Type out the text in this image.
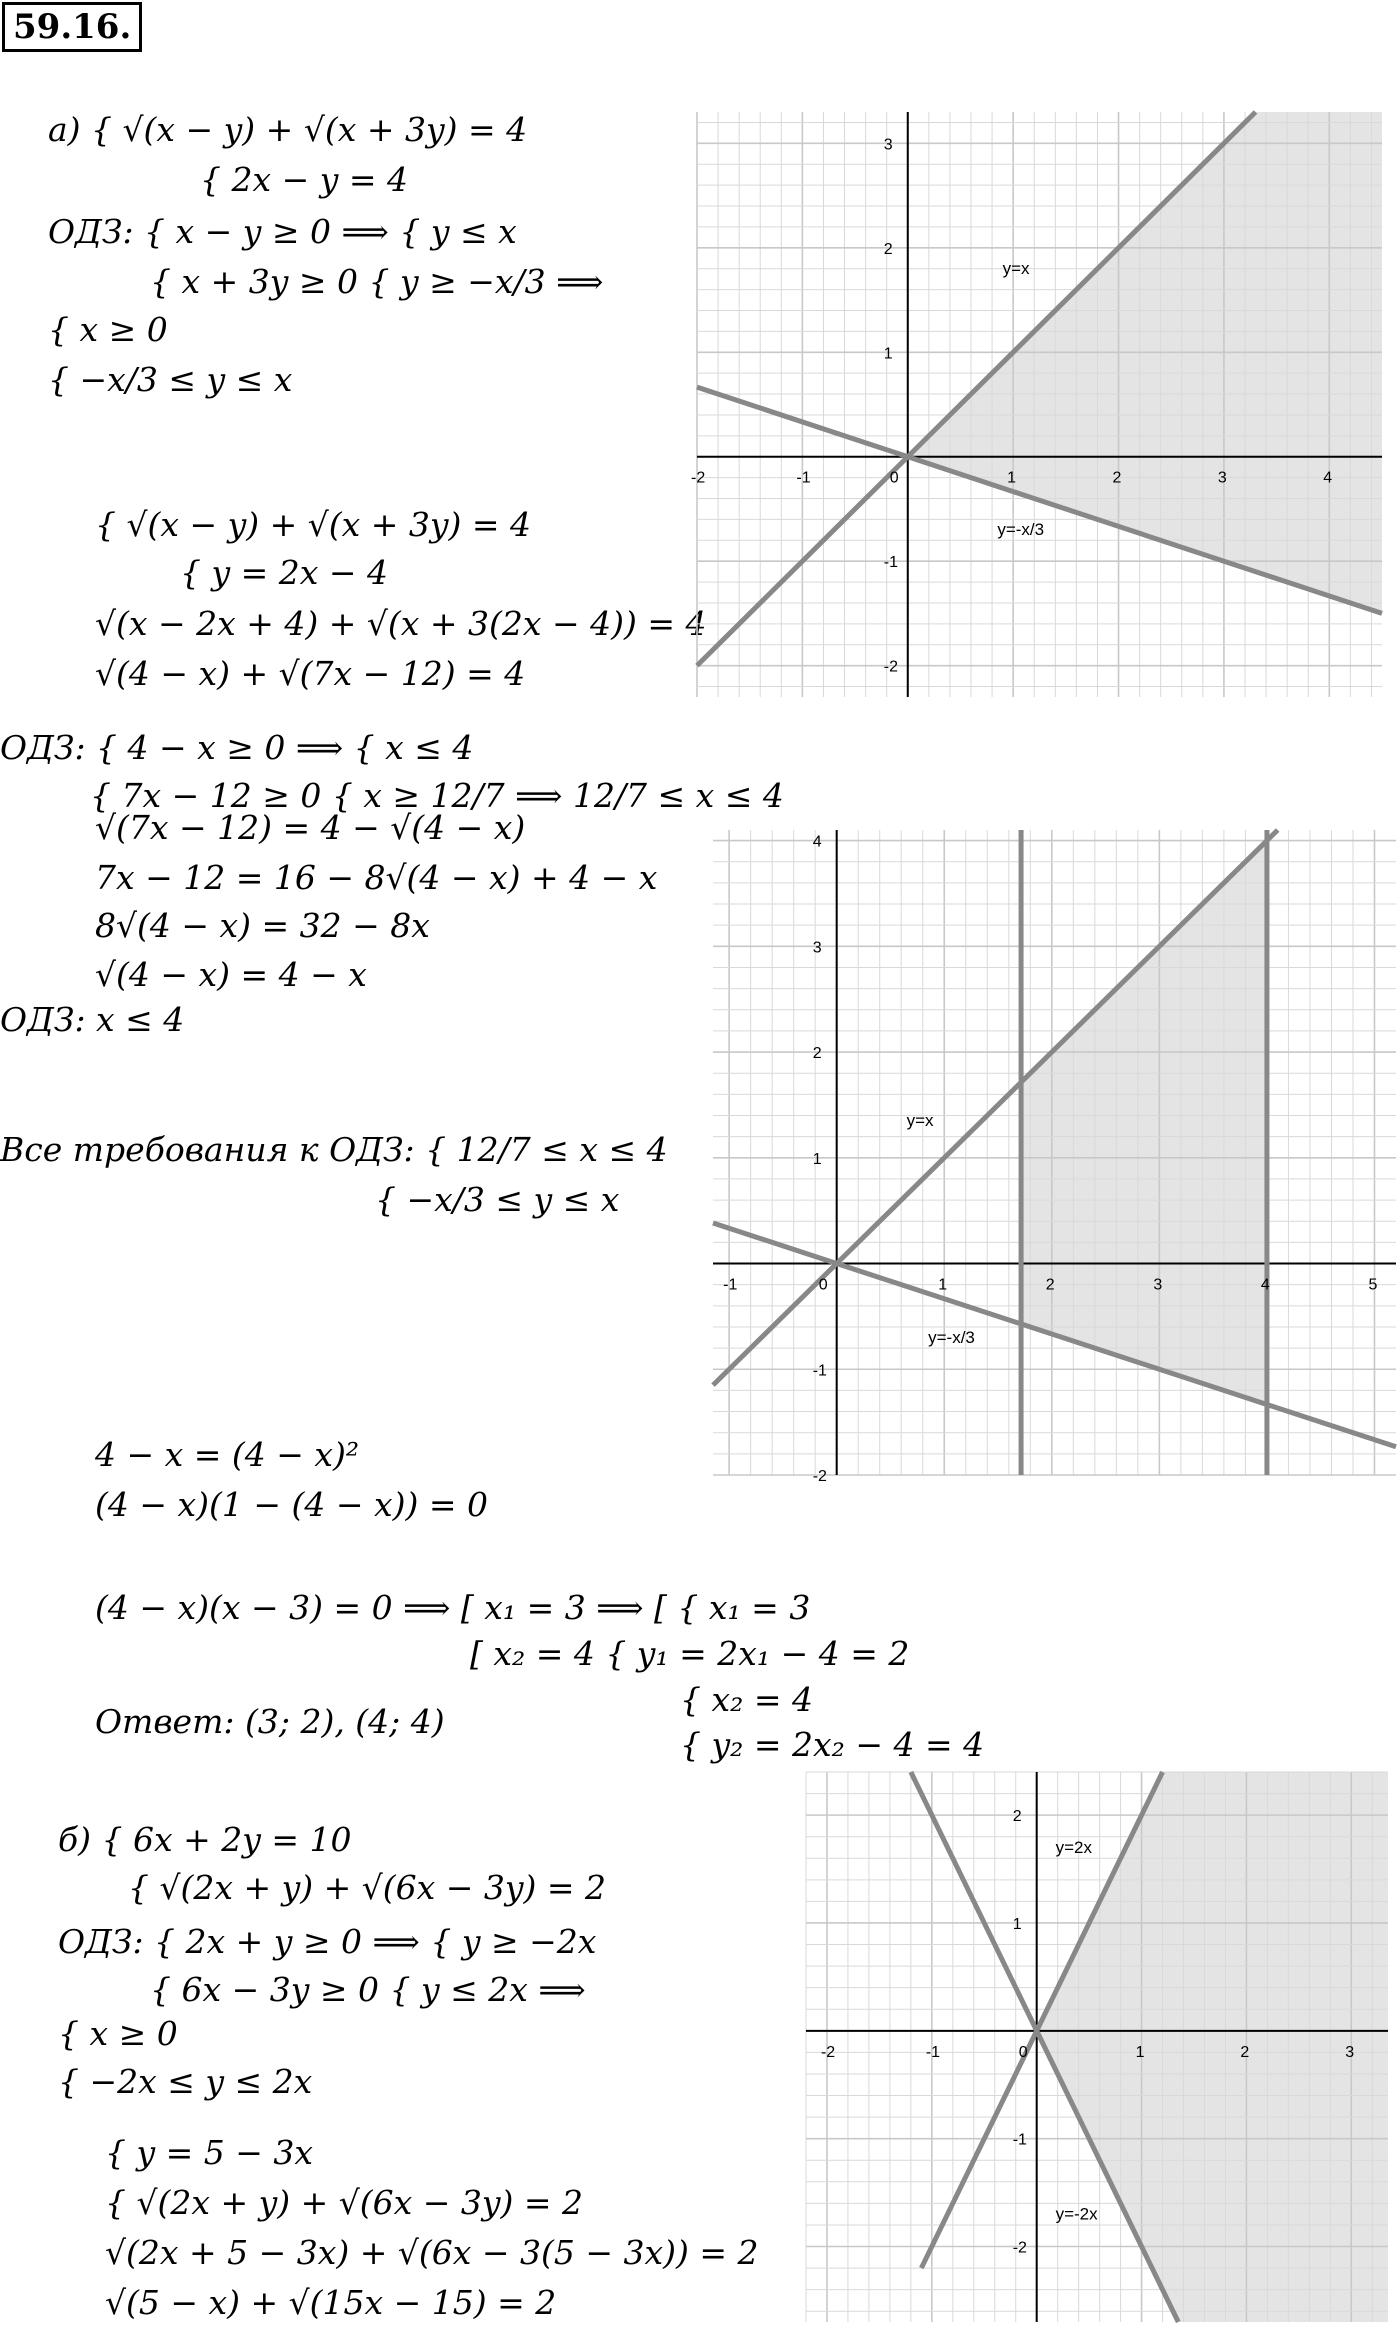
59.16.
а) { √(x − y) + √(x + 3y) = 4
{ 2x − y = 4
ОДЗ: { x − y ≥ 0 ⟹ { y ≤ x
{ x + 3y ≥ 0 { y ≥ −x/3 ⟹
{ x ≥ 0
{ −x/3 ≤ y ≤ x
{ √(x − y) + √(x + 3y) = 4
{ y = 2x − 4
√(x − 2x + 4) + √(x + 3(2x − 4)) = 4
√(4 − x) + √(7x − 12) = 4
ОДЗ: { 4 − x ≥ 0 ⟹ { x ≤ 4
{ 7x − 12 ≥ 0 { x ≥ 12/7 ⟹ 12/7 ≤ x ≤ 4
√(7x − 12) = 4 − √(4 − x)
7x − 12 = 16 − 8√(4 − x) + 4 − x
8√(4 − x) = 32 − 8x
√(4 − x) = 4 − x
ОДЗ: x ≤ 4
Все требования к ОДЗ: { 12/7 ≤ x ≤ 4
{ −x/3 ≤ y ≤ x
4 − x = (4 − x)²
(4 − x)(1 − (4 − x)) = 0
(4 − x)(x − 3) = 0 ⟹ [ x₁ = 3 ⟹ [ { x₁ = 3
[ x₂ = 4 { y₁ = 2x₁ − 4 = 2
{ x₂ = 4
{ y₂ = 2x₂ − 4 = 4
Ответ: (3; 2), (4; 4)
б) { 6x + 2y = 10
{ √(2x + y) + √(6x − 3y) = 2
ОДЗ: { 2x + y ≥ 0 ⟹ { y ≥ −2x
{ 6x − 3y ≥ 0 { y ≤ 2x ⟹
{ x ≥ 0
{ −2x ≤ y ≤ 2x
{ y = 5 − 3x
{ √(2x + y) + √(6x − 3y) = 2
√(2x + 5 − 3x) + √(6x − 3(5 − 3x)) = 2
√(5 − x) + √(15x − 15) = 2
-2	-1	0	1	2	3	4
3
2
1
-1
-2
y=x
y=-x/3
-1	0	1	2	3	4	5
4
3
2
1
-1
-2
y=x
y=-x/3
-2	-1	0	1	2	3
2
1
-1
-2
y=2x
y=-2x
